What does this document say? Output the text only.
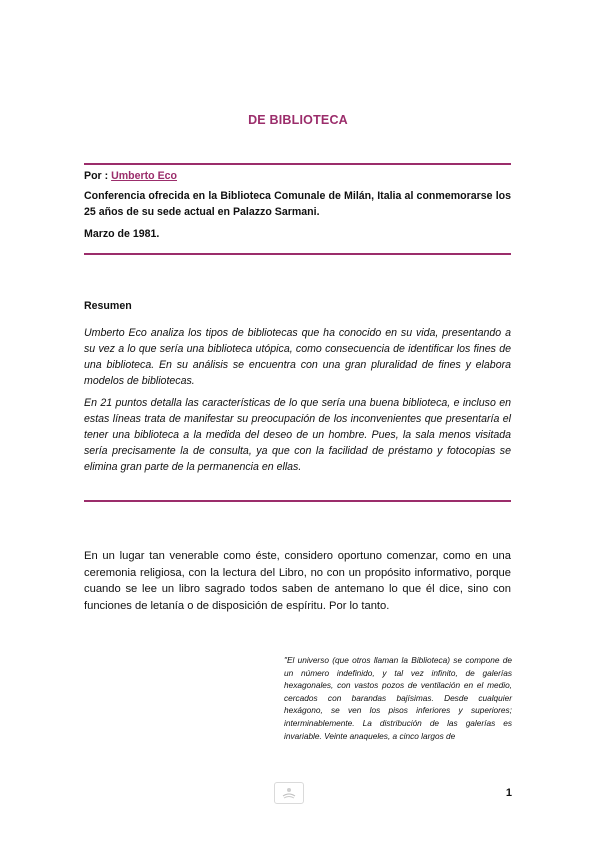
DE BIBLIOTECA
Por : Umberto Eco
Conferencia ofrecida en la Biblioteca Comunale de Milán, Italia al conmemorarse los 25 años de su sede actual en Palazzo Sarmani.
Marzo de 1981.
Resumen
Umberto Eco analiza los tipos de bibliotecas que ha conocido en su vida, presentando a su vez a lo que sería una biblioteca utópica, como consecuencia de identificar los fines de una biblioteca. En su análisis se encuentra con una gran pluralidad de fines y elabora modelos de bibliotecas.
En 21 puntos detalla las características de lo que sería una buena biblioteca, e incluso en estas líneas trata de manifestar su preocupación de los inconvenientes que presentaría el tener una biblioteca a la medida del deseo de un hombre. Pues, la sala menos visitada sería precisamente la de consulta, ya que con la facilidad de préstamo y fotocopias se elimina gran parte de la permanencia en ellas.
En un lugar tan venerable como éste, considero oportuno comenzar, como en una ceremonia religiosa, con la lectura del Libro, no con un propósito informativo, porque cuando se lee un libro sagrado todos saben de antemano lo que él dice, sino con funciones de letanía o de disposición de espíritu. Por lo tanto.
"El universo (que otros llaman la Biblioteca) se compone de un número indefinido, y tal vez infinito, de galerías hexagonales, con vastos pozos de ventilación en el medio, cercados con barandas bajísimas. Desde cualquier hexágono, se ven los pisos inferiores y superiores; interminablemente. La distribución de las galerías es invariable. Veinte anaqueles, a cinco largos de
1
